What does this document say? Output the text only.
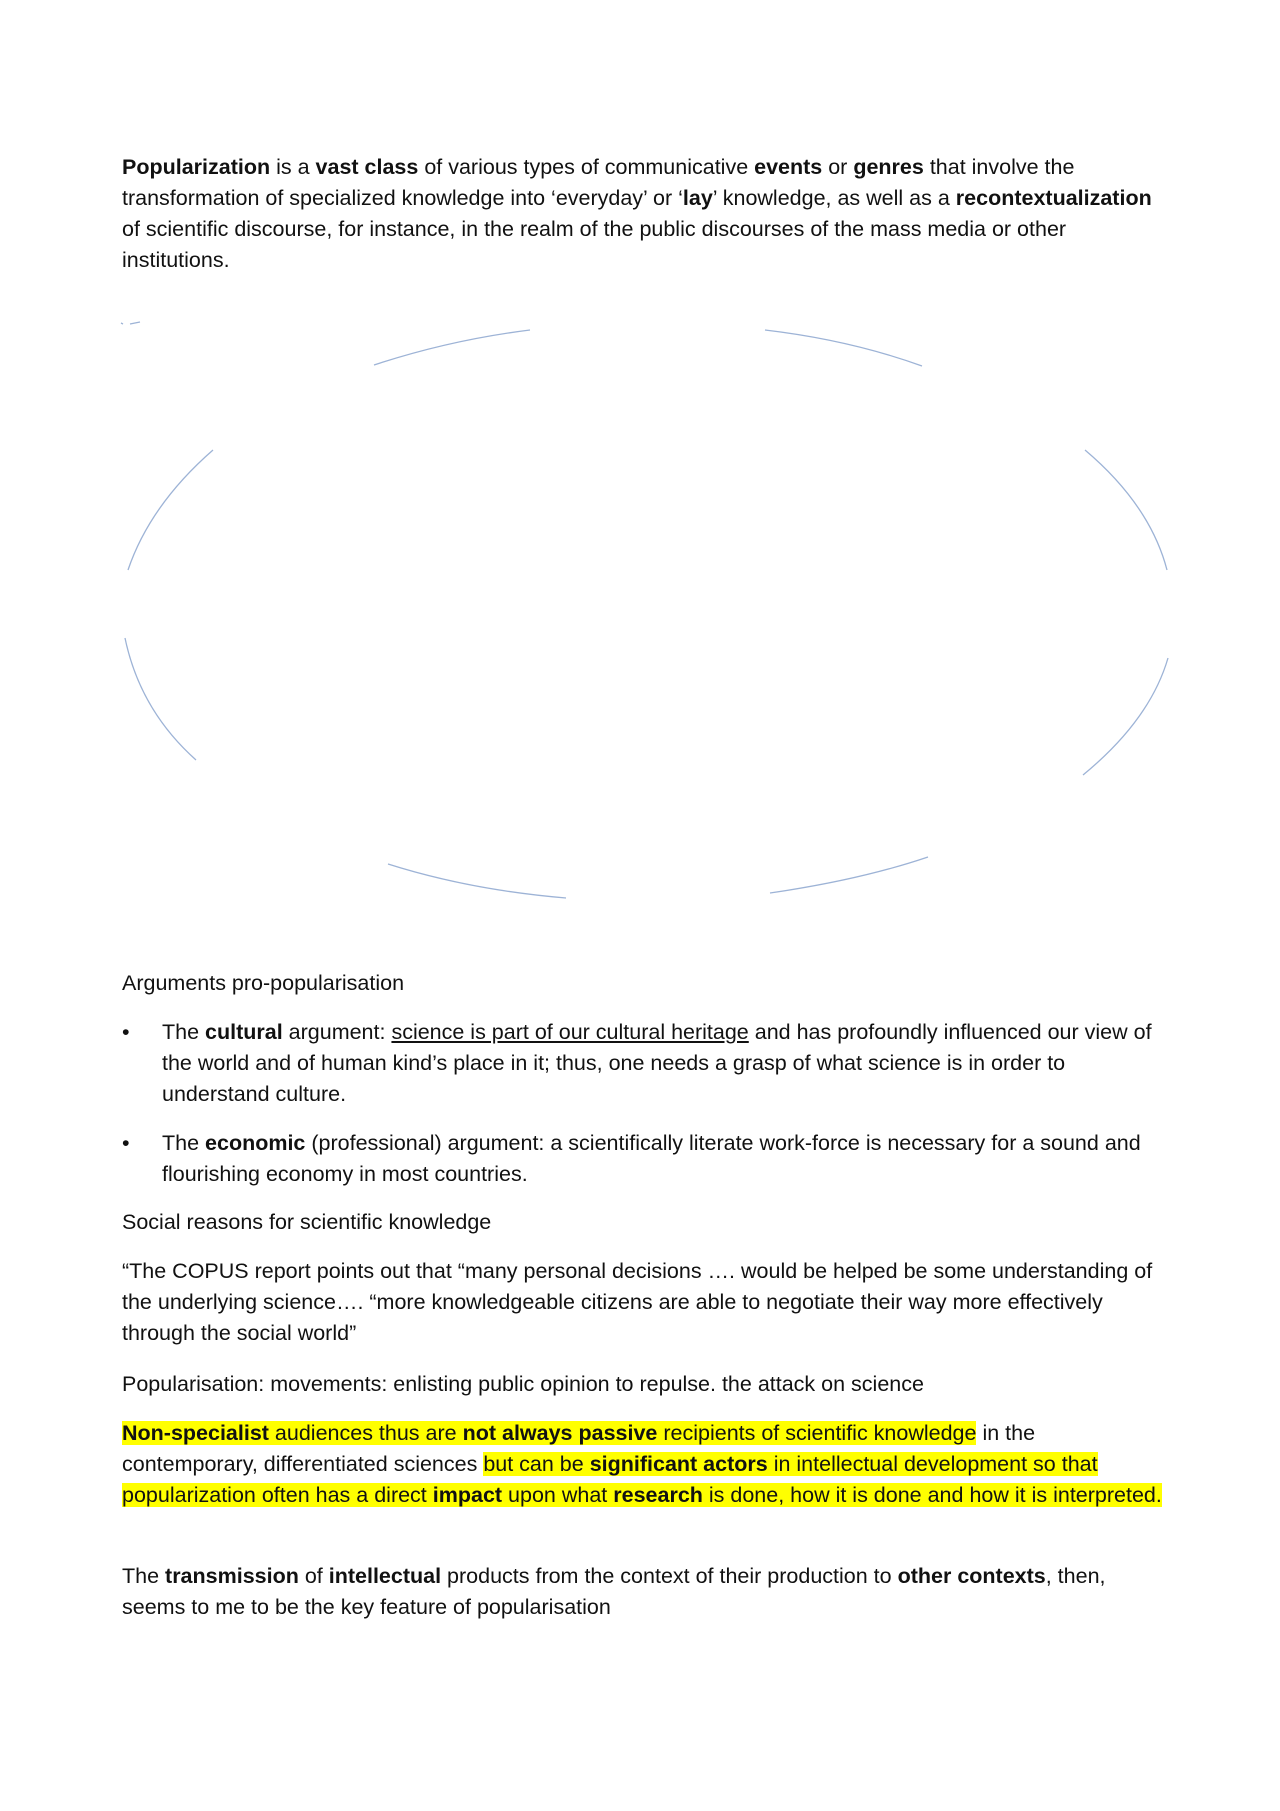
Popularization is a vast class of various types of communicative events or genres that involve the transformation of specialized knowledge into ‘everyday’ or ‘lay’ knowledge, as well as a recontextualization of scientific discourse, for instance, in the realm of the public discourses of the mass media or other institutions.

Arguments pro-popularisation

• The cultural argument: science is part of our cultural heritage and has profoundly influenced our view of the world and of human kind’s place in it; thus, one needs a grasp of what science is in order to understand culture.
• The economic (professional) argument: a scientifically literate work-force is necessary for a sound and flourishing economy in most countries.

Social reasons for scientific knowledge

“The COPUS report points out that “many personal decisions …. would be helped be some understanding of the underlying science…. “more knowledgeable citizens are able to negotiate their way more effectively through the social world”

Popularisation: movements: enlisting public opinion to repulse. the attack on science

Non-specialist audiences thus are not always passive recipients of scientific knowledge in the contemporary, differentiated sciences but can be significant actors in intellectual development so that popularization often has a direct impact upon what research is done, how it is done and how it is interpreted.

The transmission of intellectual products from the context of their production to other contexts, then, seems to me to be the key feature of popularisation
